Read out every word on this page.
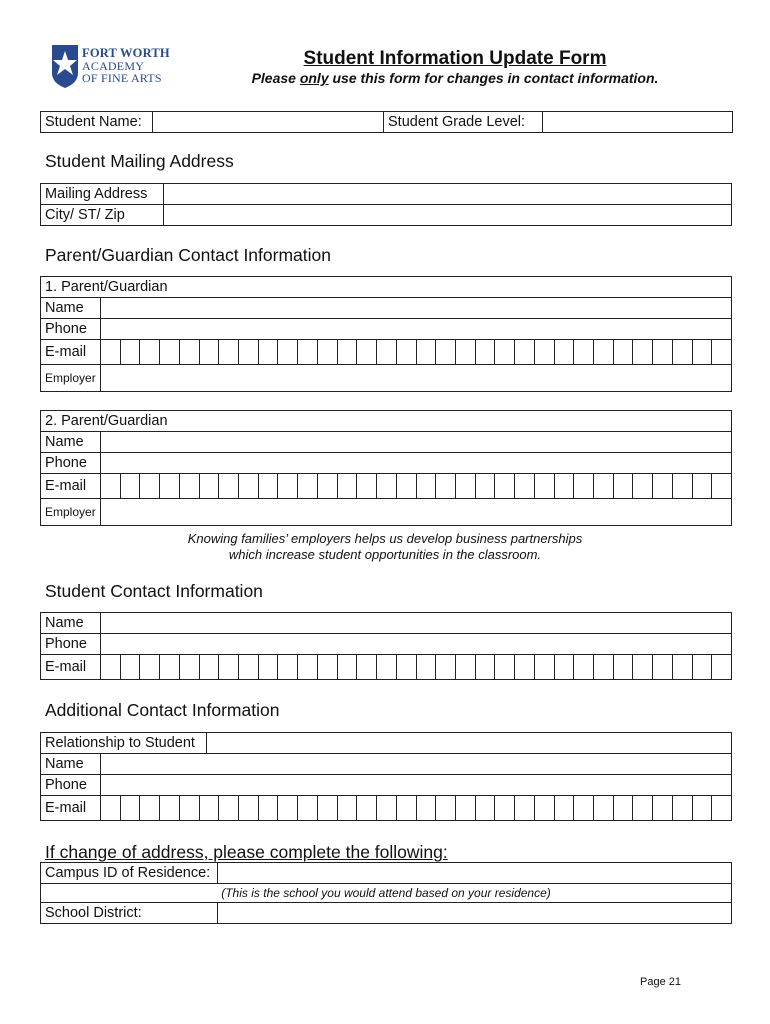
FORT WORTH
ACADEMY
OF FINE ARTS
Student Information Update Form
Please only use this form for changes in contact information.
Student Name:		Student Grade Level:	
Student Mailing Address
Mailing Address	
City/ ST/ Zip	
Parent/Guardian Contact Information
1. Parent/Guardian	
Name	
Phone	
E-mail	

Employer	
2. Parent/Guardian	
Name	
Phone	
E-mail	

Employer	
Knowing families’ employers helps us develop business partnerships
which increase student opportunities in the classroom.
Student Contact Information
Name	
Phone	
E-mail	
Additional Contact Information
Relationship to Student		
Name		
Phone		
E-mail		
If change of address, please complete the following:
Campus ID of Residence:	
(This is the school you would attend based on your residence)	
School District:	
Page 21
